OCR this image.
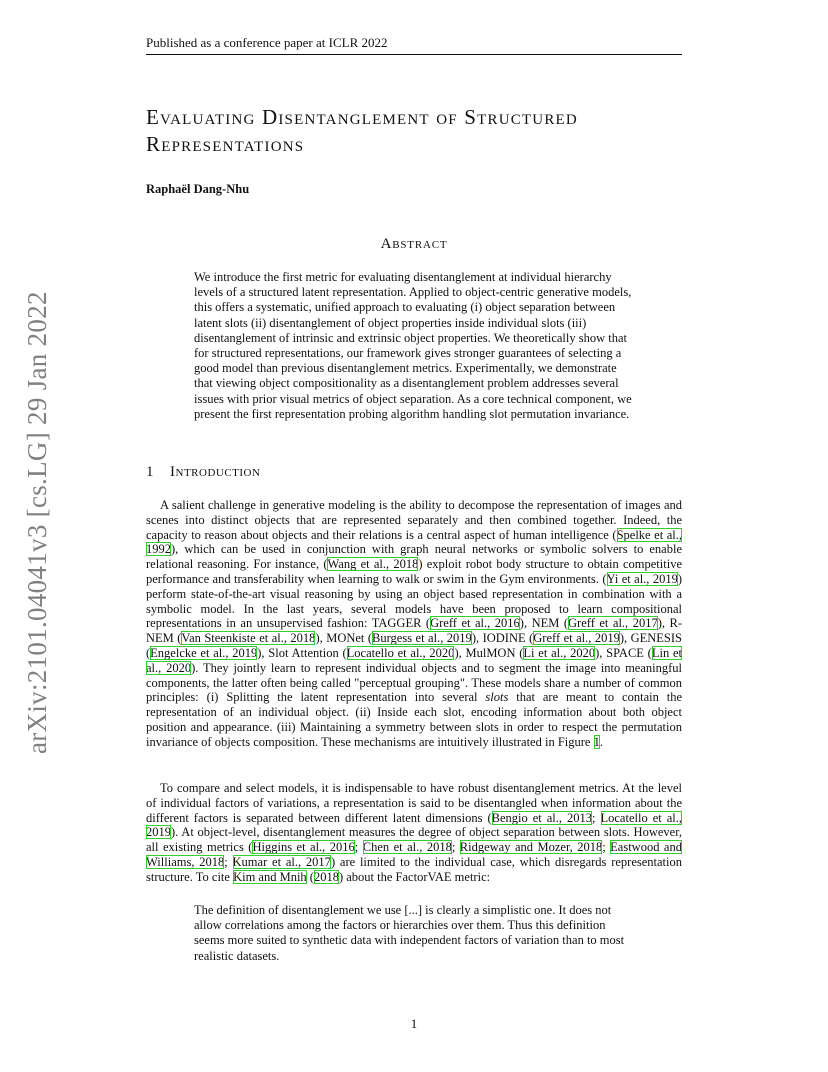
Published as a conference paper at ICLR 2022
Evaluating Disentanglement of Structured Representations
Raphaël Dang-Nhu
Abstract
We introduce the first metric for evaluating disentanglement at individual hierarchy levels of a structured latent representation. Applied to object-centric generative models, this offers a systematic, unified approach to evaluating (i) object separation between latent slots (ii) disentanglement of object properties inside individual slots (iii) disentanglement of intrinsic and extrinsic object properties. We theoretically show that for structured representations, our framework gives stronger guarantees of selecting a good model than previous disentanglement metrics. Experimentally, we demonstrate that viewing object compositionality as a disentanglement problem addresses several issues with prior visual metrics of object separation. As a core technical component, we present the first representation probing algorithm handling slot permutation invariance.
1 Introduction
A salient challenge in generative modeling is the ability to decompose the representation of images and scenes into distinct objects that are represented separately and then combined together. Indeed, the capacity to reason about objects and their relations is a central aspect of human intelligence (Spelke et al., 1992), which can be used in conjunction with graph neural networks or symbolic solvers to enable relational reasoning. For instance, (Wang et al., 2018) exploit robot body structure to obtain competitive performance and transferability when learning to walk or swim in the Gym environments. (Yi et al., 2019) perform state-of-the-art visual reasoning by using an object based representation in combination with a symbolic model. In the last years, several models have been proposed to learn compositional representations in an unsupervised fashion: TAGGER (Greff et al., 2016), NEM (Greff et al., 2017), R-NEM (Van Steenkiste et al., 2018), MONet (Burgess et al., 2019), IODINE (Greff et al., 2019), GENESIS (Engelcke et al., 2019), Slot Attention (Locatello et al., 2020), MulMON (Li et al., 2020), SPACE (Lin et al., 2020). They jointly learn to represent individual objects and to segment the image into meaningful components, the latter often being called "perceptual grouping". These models share a number of common principles: (i) Splitting the latent representation into several slots that are meant to contain the representation of an individual object. (ii) Inside each slot, encoding information about both object position and appearance. (iii) Maintaining a symmetry between slots in order to respect the permutation invariance of objects composition. These mechanisms are intuitively illustrated in Figure 1.
To compare and select models, it is indispensable to have robust disentanglement metrics. At the level of individual factors of variations, a representation is said to be disentangled when information about the different factors is separated between different latent dimensions (Bengio et al., 2013; Locatello et al., 2019). At object-level, disentanglement measures the degree of object separation between slots. However, all existing metrics (Higgins et al., 2016; Chen et al., 2018; Ridgeway and Mozer, 2018; Eastwood and Williams, 2018; Kumar et al., 2017) are limited to the individual case, which disregards representation structure. To cite Kim and Mnih (2018) about the FactorVAE metric:
The definition of disentanglement we use [...] is clearly a simplistic one. It does not allow correlations among the factors or hierarchies over them. Thus this definition seems more suited to synthetic data with independent factors of variation than to most realistic datasets.
1
arXiv:2101.04041v3 [cs.LG] 29 Jan 2022
